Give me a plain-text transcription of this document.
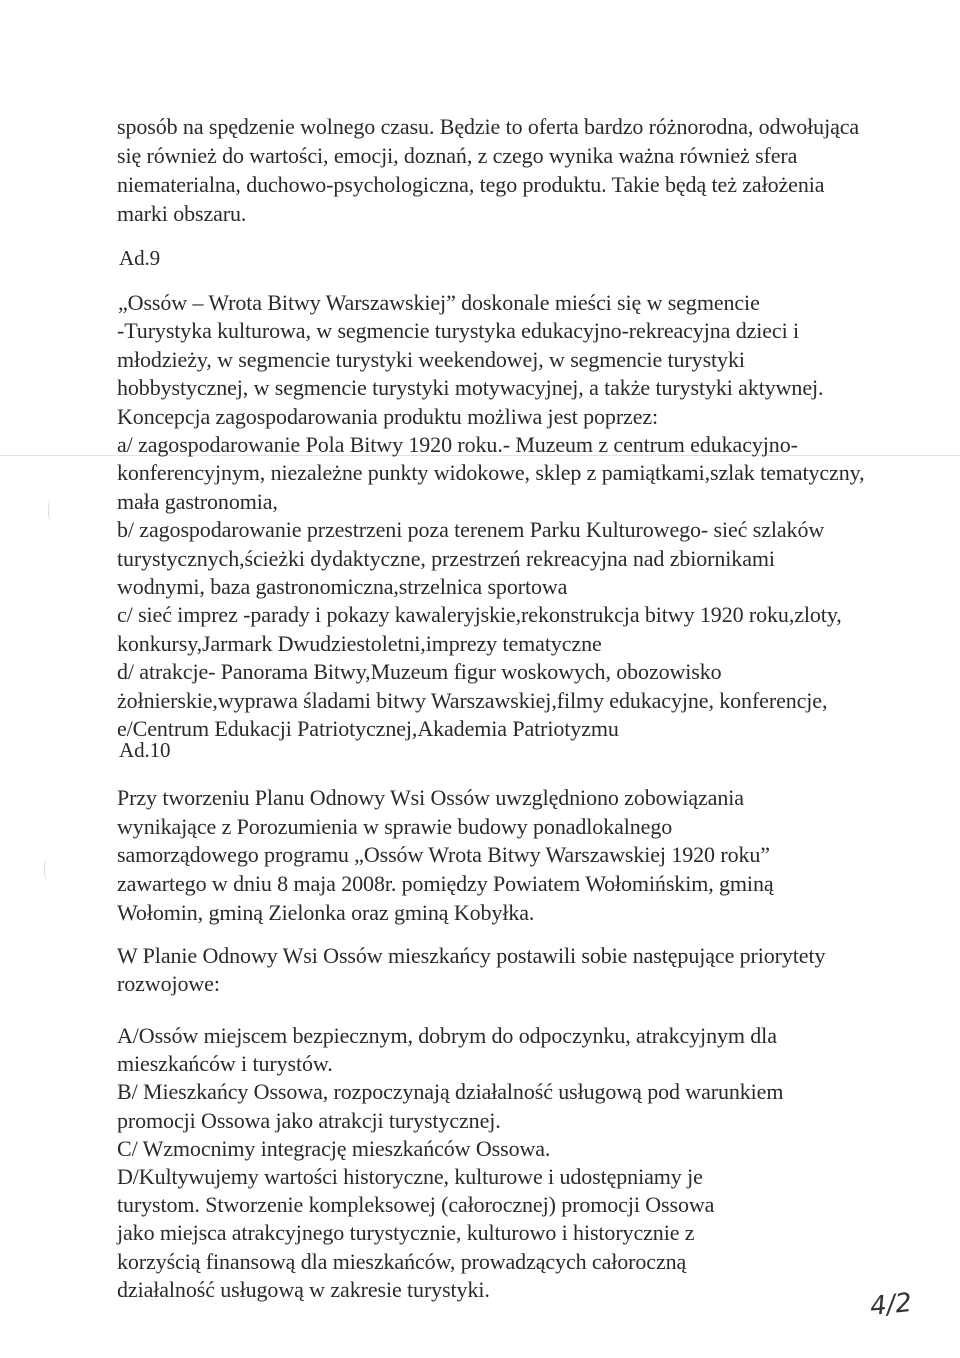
sposób na spędzenie wolnego czasu. Będzie to oferta bardzo różnorodna, odwołująca
się również do wartości, emocji, doznań, z czego wynika ważna również sfera
niematerialna, duchowo-psychologiczna, tego produktu. Takie będą też założenia
marki obszaru.
Ad.9
„Ossów – Wrota Bitwy Warszawskiej” doskonale mieści się w segmencie
-Turystyka kulturowa, w segmencie turystyka edukacyjno-rekreacyjna dzieci i
młodzieży, w segmencie turystyki weekendowej, w segmencie turystyki
hobbystycznej, w segmencie turystyki motywacyjnej, a także turystyki aktywnej.
Koncepcja zagospodarowania produktu możliwa jest poprzez:
a/ zagospodarowanie Pola Bitwy 1920 roku.- Muzeum z centrum edukacyjno-
konferencyjnym, niezależne punkty widokowe, sklep z pamiątkami,szlak tematyczny,
mała gastronomia,
b/ zagospodarowanie przestrzeni poza terenem Parku Kulturowego- sieć szlaków
turystycznych,ścieżki dydaktyczne, przestrzeń rekreacyjna nad zbiornikami
wodnymi, baza gastronomiczna,strzelnica sportowa
c/ sieć imprez -parady i pokazy kawaleryjskie,rekonstrukcja bitwy 1920 roku,zloty,
konkursy,Jarmark Dwudziestoletni,imprezy tematyczne
d/ atrakcje- Panorama Bitwy,Muzeum figur woskowych, obozowisko
żołnierskie,wyprawa śladami bitwy Warszawskiej,filmy edukacyjne, konferencje,
e/Centrum Edukacji Patriotycznej,Akademia Patriotyzmu
Ad.10
Przy tworzeniu Planu Odnowy Wsi Ossów uwzględniono zobowiązania
wynikające z Porozumienia w sprawie budowy ponadlokalnego
samorządowego programu „Ossów Wrota Bitwy Warszawskiej 1920 roku”
zawartego w dniu 8 maja 2008r. pomiędzy Powiatem Wołomińskim, gminą
Wołomin, gminą Zielonka oraz gminą Kobyłka.
W Planie Odnowy Wsi Ossów mieszkańcy postawili sobie następujące priorytety
rozwojowe:
A/Ossów miejscem bezpiecznym, dobrym do odpoczynku, atrakcyjnym dla
mieszkańców i turystów.
B/ Mieszkańcy Ossowa, rozpoczynają działalność usługową pod warunkiem
promocji Ossowa jako atrakcji turystycznej.
C/ Wzmocnimy integrację mieszkańców Ossowa.
D/Kultywujemy wartości historyczne, kulturowe i udostępniamy je
turystom. Stworzenie kompleksowej (całorocznej) promocji Ossowa
jako miejsca atrakcyjnego turystycznie, kulturowo i historycznie z
korzyścią finansową dla mieszkańców, prowadzących całoroczną
działalność usługową w zakresie turystyki.	4/2
